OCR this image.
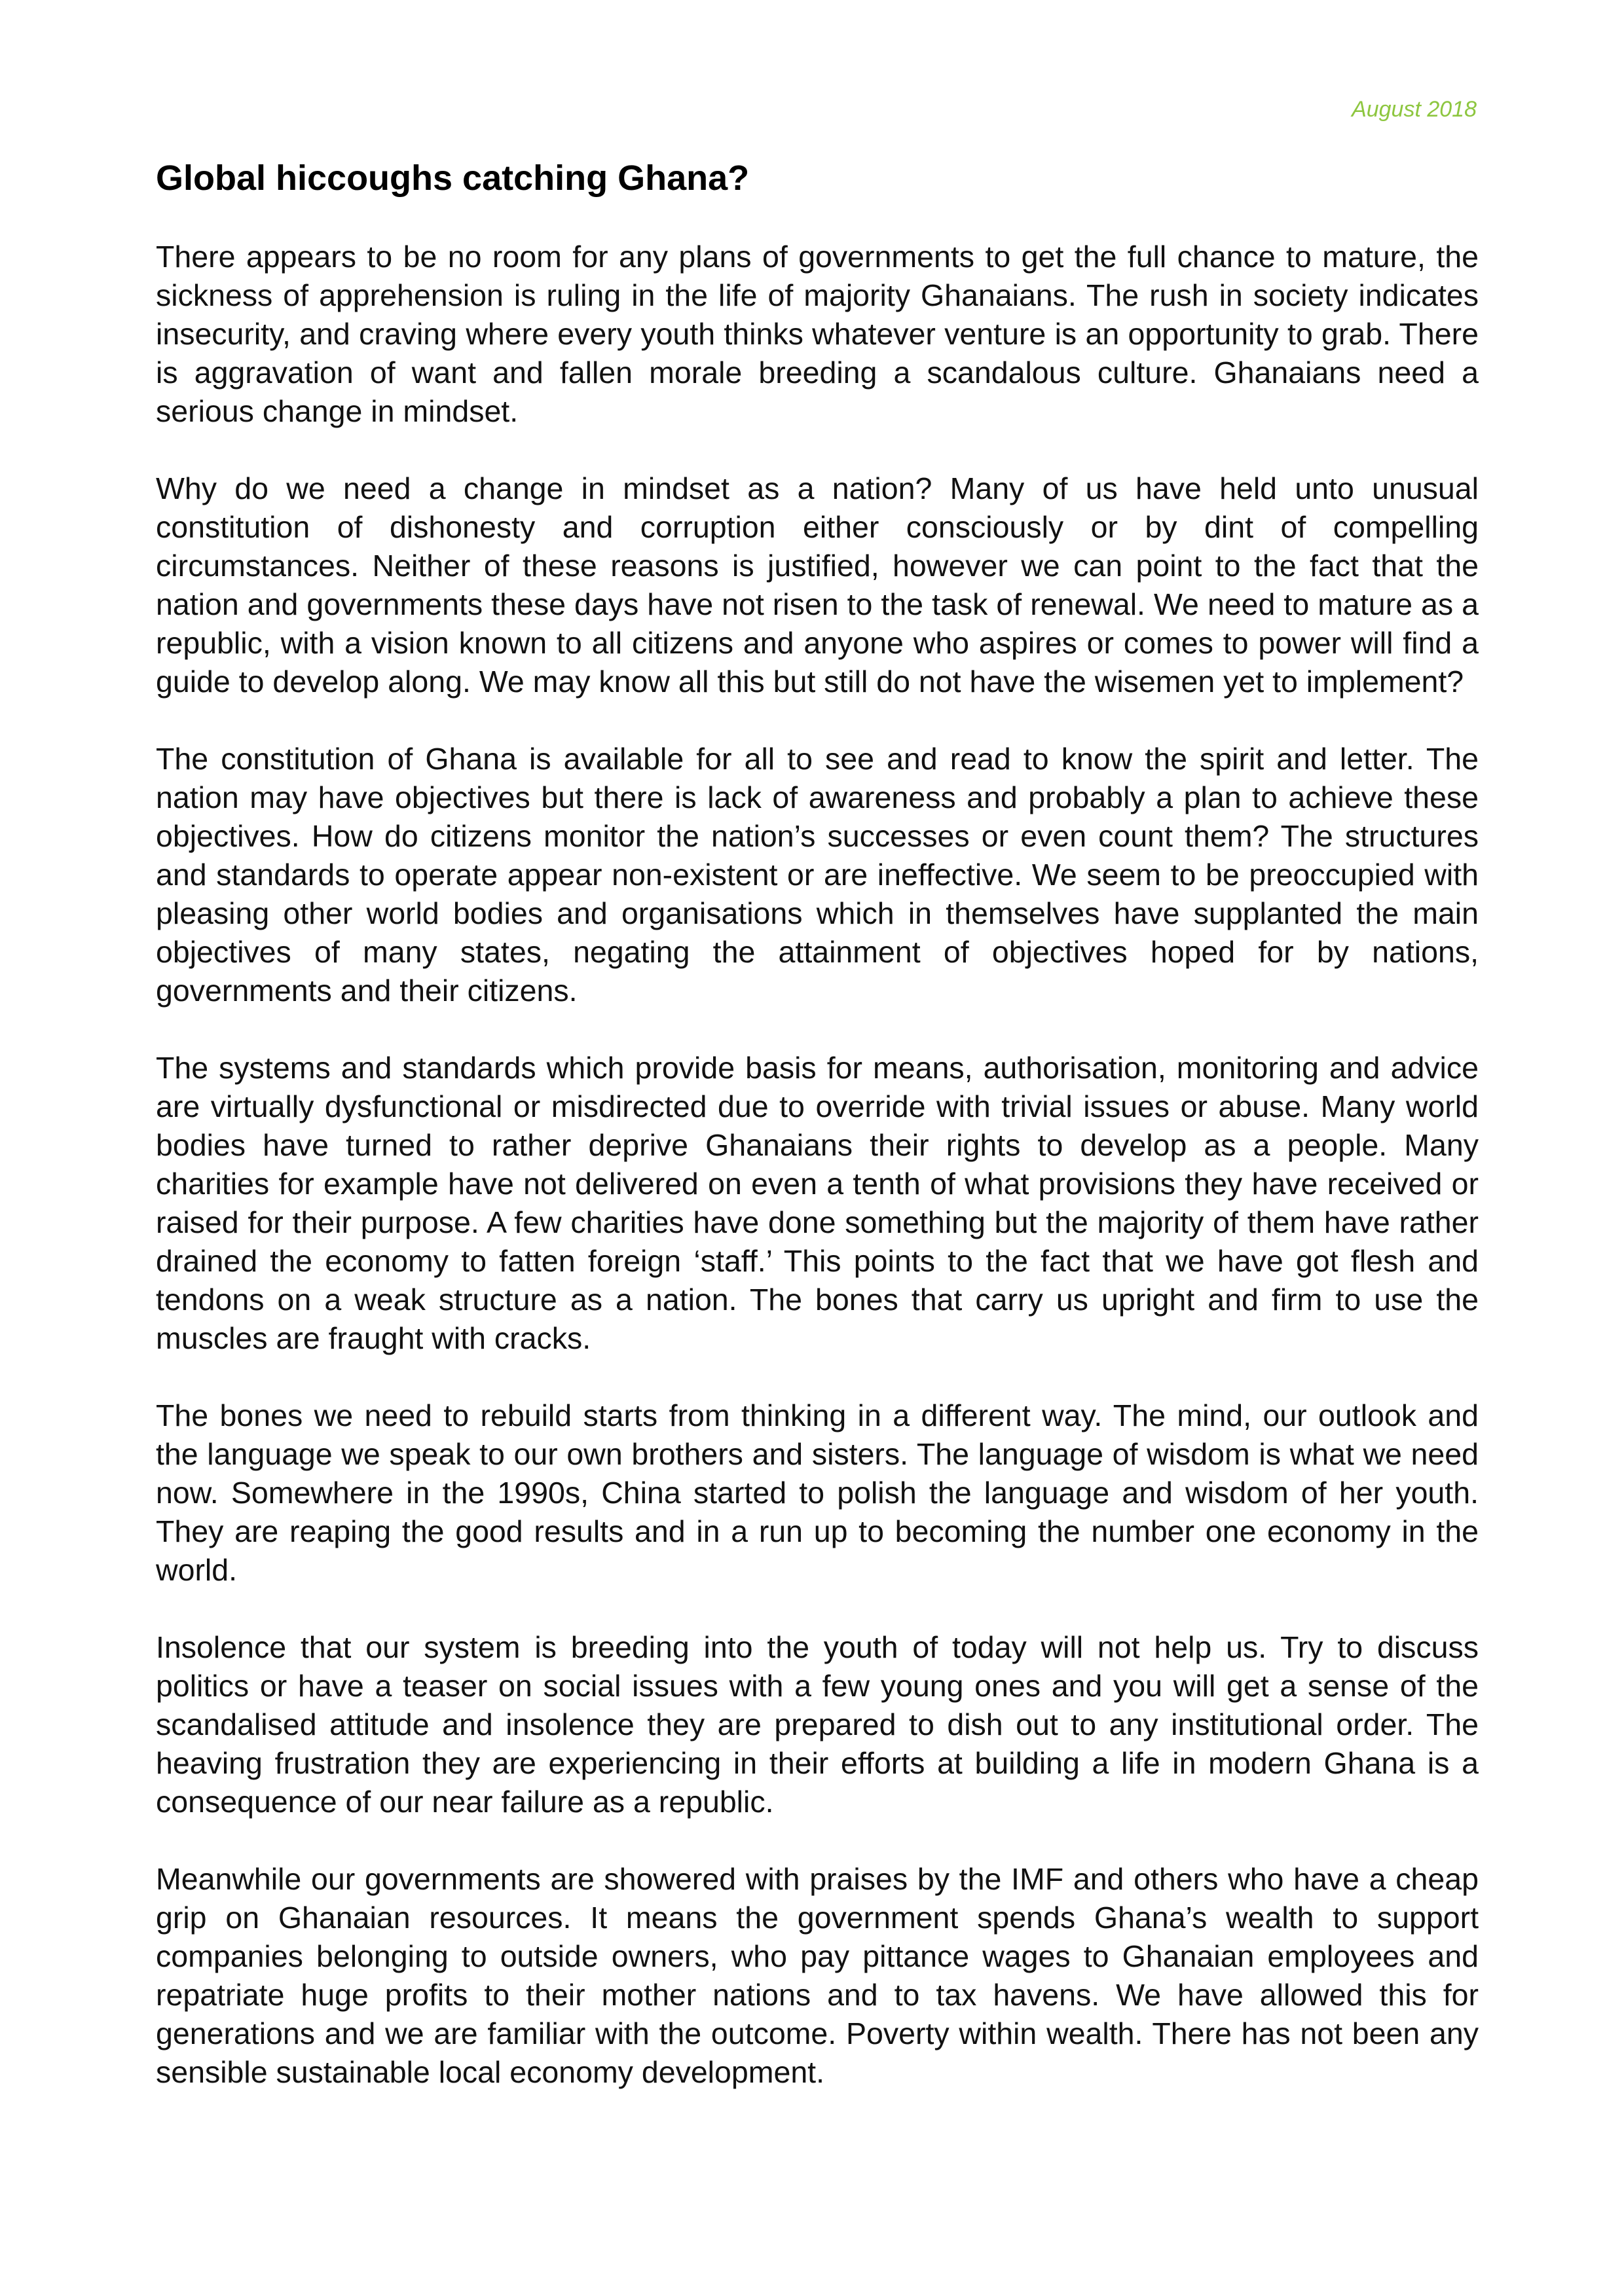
August 2018

Global hiccoughs catching Ghana?

There appears to be no room for any plans of governments to get the full chance to mature, the sickness of apprehension is ruling in the life of majority Ghanaians. The rush in society indicates insecurity, and craving where every youth thinks whatever venture is an opportunity to grab. There is aggravation of want and fallen morale breeding a scandalous culture. Ghanaians need a serious change in mindset.

Why do we need a change in mindset as a nation? Many of us have held unto unusual constitution of dishonesty and corruption either consciously or by dint of compelling circumstances. Neither of these reasons is justified, however we can point to the fact that the nation and governments these days have not risen to the task of renewal. We need to mature as a republic, with a vision known to all citizens and anyone who aspires or comes to power will find a guide to develop along. We may know all this but still do not have the wisemen yet to implement?

The constitution of Ghana is available for all to see and read to know the spirit and letter. The nation may have objectives but there is lack of awareness and probably a plan to achieve these objectives. How do citizens monitor the nation’s successes or even count them? The structures and standards to operate appear non-existent or are ineffective. We seem to be preoccupied with pleasing other world bodies and organisations which in themselves have supplanted the main objectives of many states, negating the attainment of objectives hoped for by nations, governments and their citizens.

The systems and standards which provide basis for means, authorisation, monitoring and advice are virtually dysfunctional or misdirected due to override with trivial issues or abuse. Many world bodies have turned to rather deprive Ghanaians their rights to develop as a people. Many charities for example have not delivered on even a tenth of what provisions they have received or raised for their purpose. A few charities have done something but the majority of them have rather drained the economy to fatten foreign ‘staff.’ This points to the fact that we have got flesh and tendons on a weak structure as a nation. The bones that carry us upright and firm to use the muscles are fraught with cracks.

The bones we need to rebuild starts from thinking in a different way. The mind, our outlook and the language we speak to our own brothers and sisters. The language of wisdom is what we need now. Somewhere in the 1990s, China started to polish the language and wisdom of her youth. They are reaping the good results and in a run up to becoming the number one economy in the world.

Insolence that our system is breeding into the youth of today will not help us. Try to discuss politics or have a teaser on social issues with a few young ones and you will get a sense of the scandalised attitude and insolence they are prepared to dish out to any institutional order. The heaving frustration they are experiencing in their efforts at building a life in modern Ghana is a consequence of our near failure as a republic.

Meanwhile our governments are showered with praises by the IMF and others who have a cheap grip on Ghanaian resources. It means the government spends Ghana’s wealth to support companies belonging to outside owners, who pay pittance wages to Ghanaian employees and repatriate huge profits to their mother nations and to tax havens. We have allowed this for generations and we are familiar with the outcome. Poverty within wealth. There has not been any sensible sustainable local economy development.
